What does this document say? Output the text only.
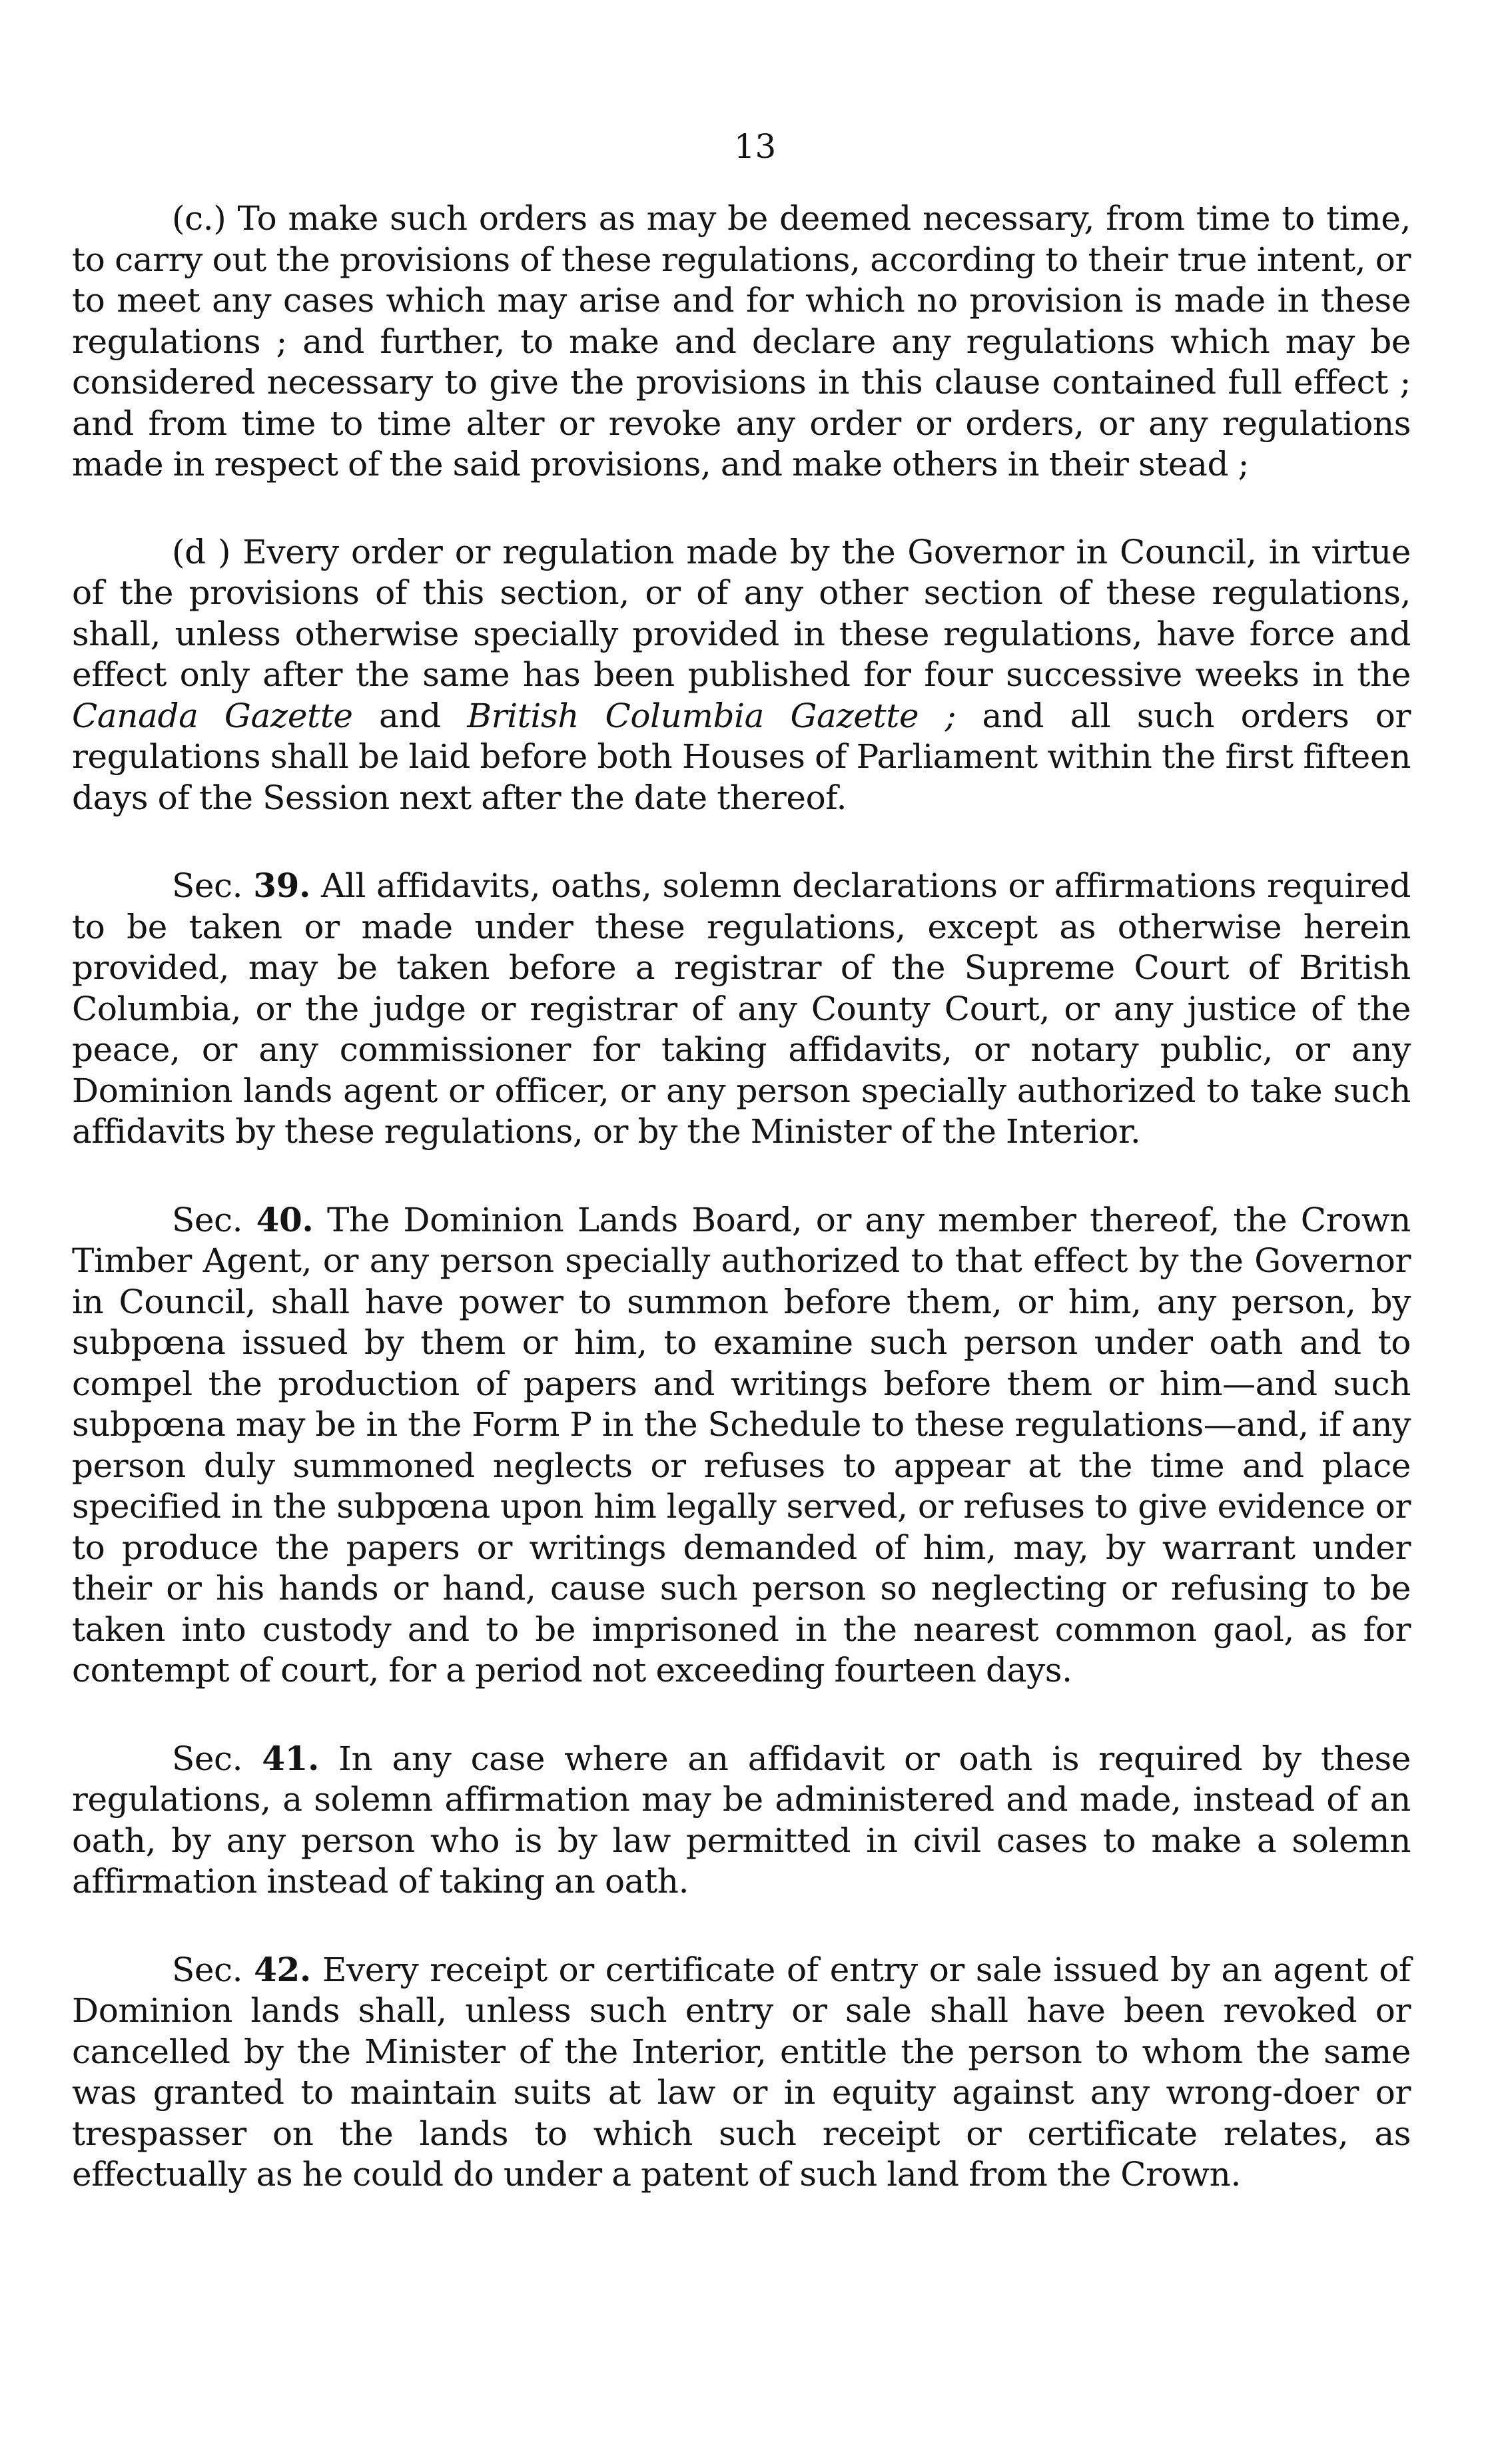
13

(c.) To make such orders as may be deemed necessary, from time to time, to carry out the provisions of these regulations, according to their true intent, or to meet any cases which may arise and for which no provision is made in these regulations ; and further, to make and declare any regulations which may be considered necessary to give the provisions in this clause contained full effect ; and from time to time alter or revoke any order or orders, or any regulations made in respect of the said provisions, and make others in their stead ;

(d ) Every order or regulation made by the Governor in Council, in virtue of the provisions of this section, or of any other section of these regulations, shall, unless otherwise specially provided in these regulations, have force and effect only after the same has been published for four successive weeks in the Canada Gazette and British Columbia Gazette ; and all such orders or regulations shall be laid before both Houses of Parliament within the first fifteen days of the Session next after the date thereof.

Sec. 39. All affidavits, oaths, solemn declarations or affirmations required to be taken or made under these regulations, except as otherwise herein provided, may be taken before a registrar of the Supreme Court of British Columbia, or the judge or registrar of any County Court, or any justice of the peace, or any commissioner for taking affidavits, or notary public, or any Dominion lands agent or officer, or any person specially authorized to take such affidavits by these regulations, or by the Minister of the Interior.

Sec. 40. The Dominion Lands Board, or any member thereof, the Crown Timber Agent, or any person specially authorized to that effect by the Governor in Council, shall have power to summon before them, or him, any person, by subpœna issued by them or him, to examine such person under oath and to compel the production of papers and writings before them or him—and such subpœna may be in the Form P in the Schedule to these regulations—and, if any person duly summoned neglects or refuses to appear at the time and place specified in the subpœna upon him legally served, or refuses to give evidence or to produce the papers or writings demanded of him, may, by warrant under their or his hands or hand, cause such person so neglecting or refusing to be taken into custody and to be imprisoned in the nearest common gaol, as for contempt of court, for a period not exceeding fourteen days.

Sec. 41. In any case where an affidavit or oath is required by these regulations, a solemn affirmation may be administered and made, instead of an oath, by any person who is by law permitted in civil cases to make a solemn affirmation instead of taking an oath.

Sec. 42. Every receipt or certificate of entry or sale issued by an agent of Dominion lands shall, unless such entry or sale shall have been revoked or cancelled by the Minister of the Interior, entitle the person to whom the same was granted to maintain suits at law or in equity against any wrong-doer or trespasser on the lands to which such receipt or certificate relates, as effectually as he could do under a patent of such land from the Crown.
